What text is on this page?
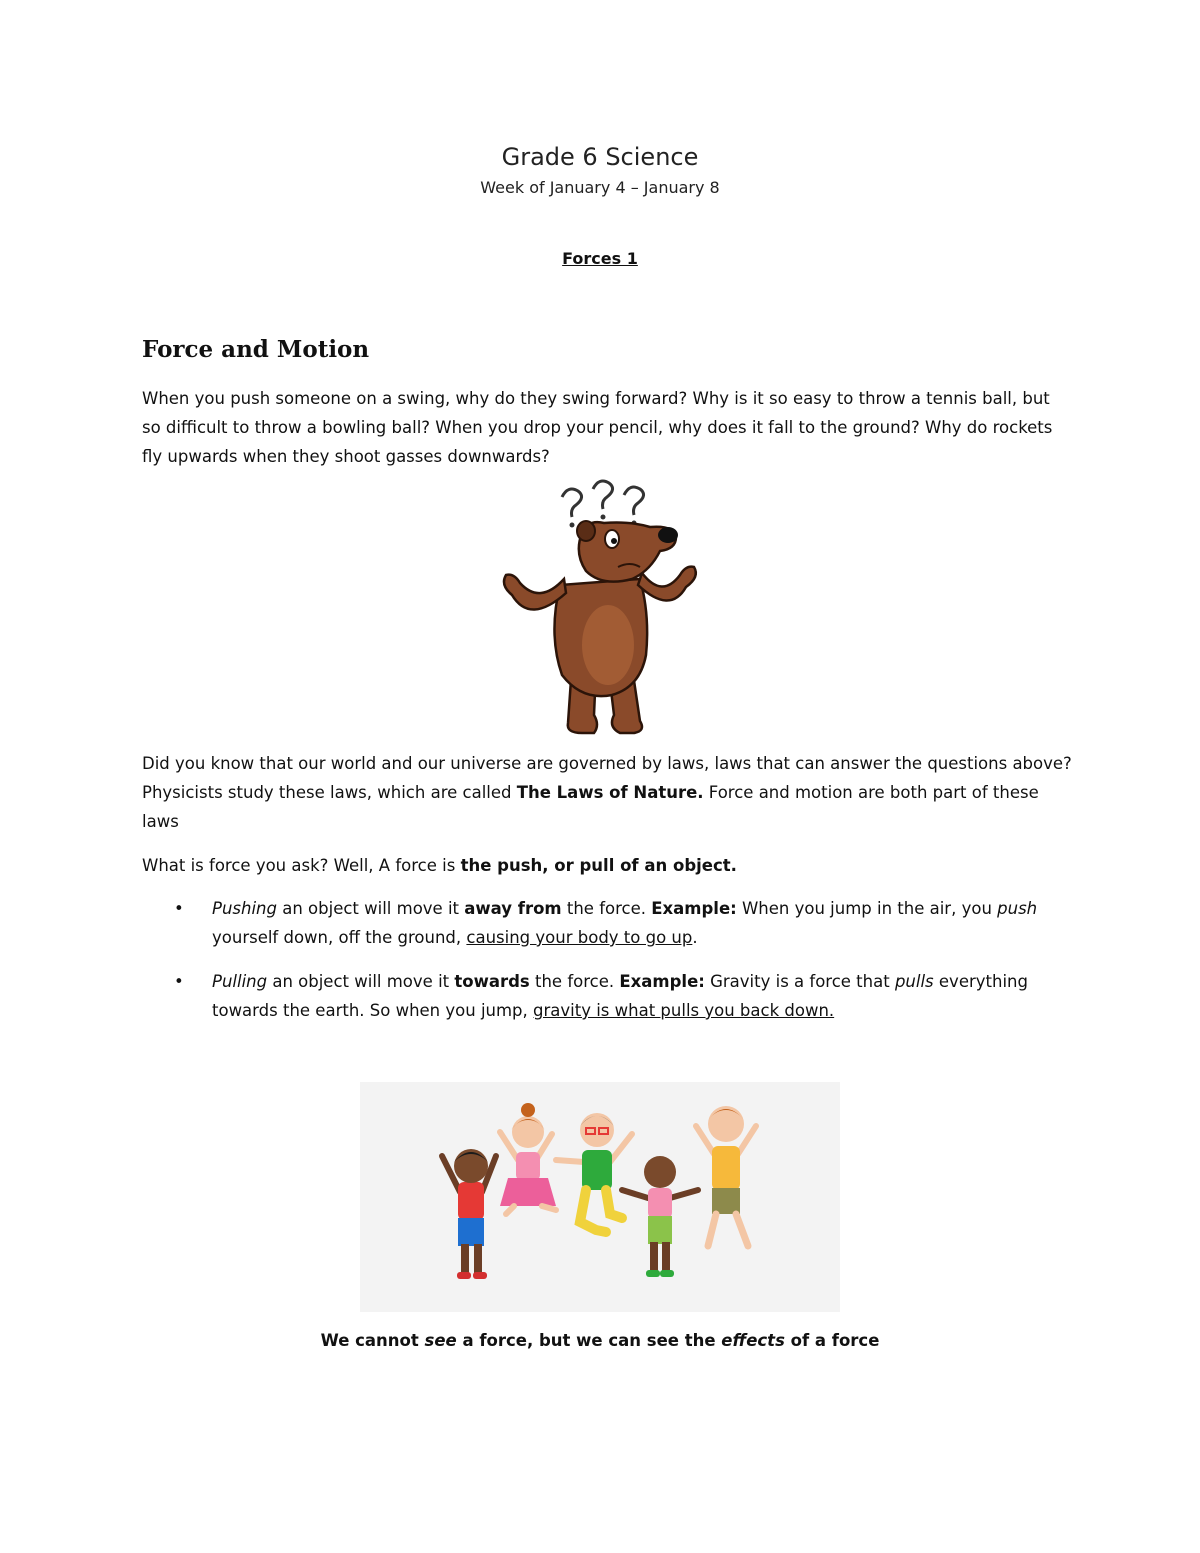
Grade 6 Science
Week of January 4 – January 8
Forces 1
Force and Motion
When you push someone on a swing, why do they swing forward? Why is it so easy to throw a tennis ball, but so difficult to throw a bowling ball? When you drop your pencil, why does it fall to the ground? Why do rockets fly upwards when they shoot gasses downwards?
Did you know that our world and our universe are governed by laws, laws that can answer the questions above? Physicists study these laws, which are called The Laws of Nature. Force and motion are both part of these laws
What is force you ask? Well, A force is the push, or pull of an object.
• Pushing an object will move it away from the force. Example: When you jump in the air, you push yourself down, off the ground, causing your body to go up.
• Pulling an object will move it towards the force. Example: Gravity is a force that pulls everything towards the earth. So when you jump, gravity is what pulls you back down.
We cannot see a force, but we can see the effects of a force
